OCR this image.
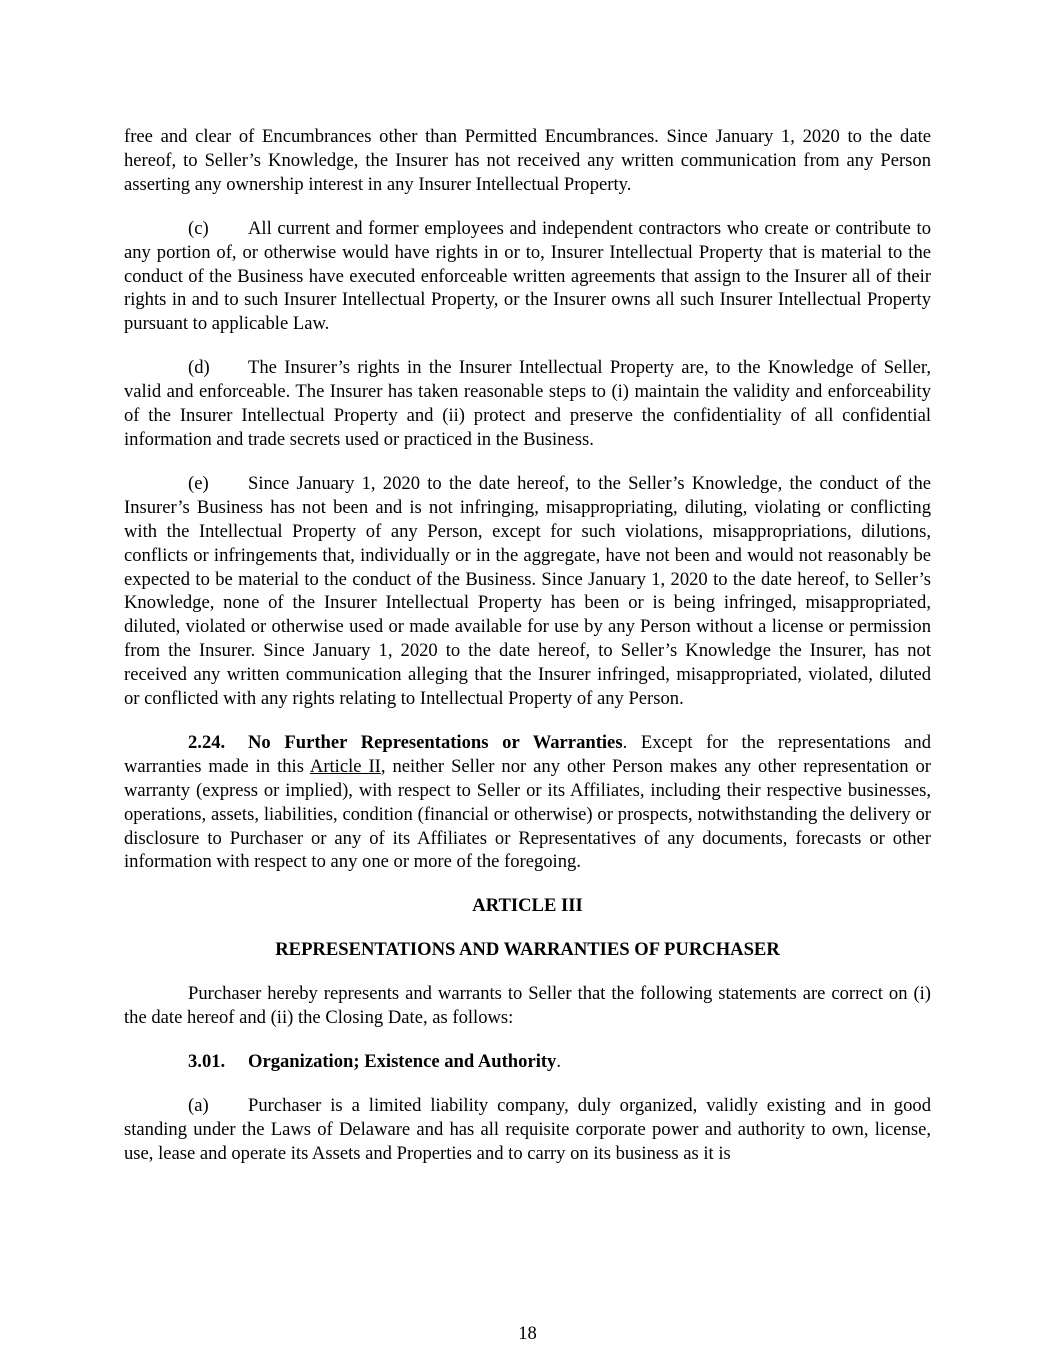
free and clear of Encumbrances other than Permitted Encumbrances. Since January 1, 2020 to the date hereof, to Seller’s Knowledge, the Insurer has not received any written communication from any Person asserting any ownership interest in any Insurer Intellectual Property.

(c) All current and former employees and independent contractors who create or contribute to any portion of, or otherwise would have rights in or to, Insurer Intellectual Property that is material to the conduct of the Business have executed enforceable written agreements that assign to the Insurer all of their rights in and to such Insurer Intellectual Property, or the Insurer owns all such Insurer Intellectual Property pursuant to applicable Law.

(d) The Insurer’s rights in the Insurer Intellectual Property are, to the Knowledge of Seller, valid and enforceable. The Insurer has taken reasonable steps to (i) maintain the validity and enforceability of the Insurer Intellectual Property and (ii) protect and preserve the confidentiality of all confidential information and trade secrets used or practiced in the Business.

(e) Since January 1, 2020 to the date hereof, to the Seller’s Knowledge, the conduct of the Insurer’s Business has not been and is not infringing, misappropriating, diluting, violating or conflicting with the Intellectual Property of any Person, except for such violations, misappropriations, dilutions, conflicts or infringements that, individually or in the aggregate, have not been and would not reasonably be expected to be material to the conduct of the Business. Since January 1, 2020 to the date hereof, to Seller’s Knowledge, none of the Insurer Intellectual Property has been or is being infringed, misappropriated, diluted, violated or otherwise used or made available for use by any Person without a license or permission from the Insurer. Since January 1, 2020 to the date hereof, to Seller’s Knowledge the Insurer, has not received any written communication alleging that the Insurer infringed, misappropriated, violated, diluted or conflicted with any rights relating to Intellectual Property of any Person.

2.24. No Further Representations or Warranties. Except for the representations and warranties made in this Article II, neither Seller nor any other Person makes any other representation or warranty (express or implied), with respect to Seller or its Affiliates, including their respective businesses, operations, assets, liabilities, condition (financial or otherwise) or prospects, notwithstanding the delivery or disclosure to Purchaser or any of its Affiliates or Representatives of any documents, forecasts or other information with respect to any one or more of the foregoing.

ARTICLE III

REPRESENTATIONS AND WARRANTIES OF PURCHASER

Purchaser hereby represents and warrants to Seller that the following statements are correct on (i) the date hereof and (ii) the Closing Date, as follows:

3.01. Organization; Existence and Authority.

(a) Purchaser is a limited liability company, duly organized, validly existing and in good standing under the Laws of Delaware and has all requisite corporate power and authority to own, license, use, lease and operate its Assets and Properties and to carry on its business as it is

18
